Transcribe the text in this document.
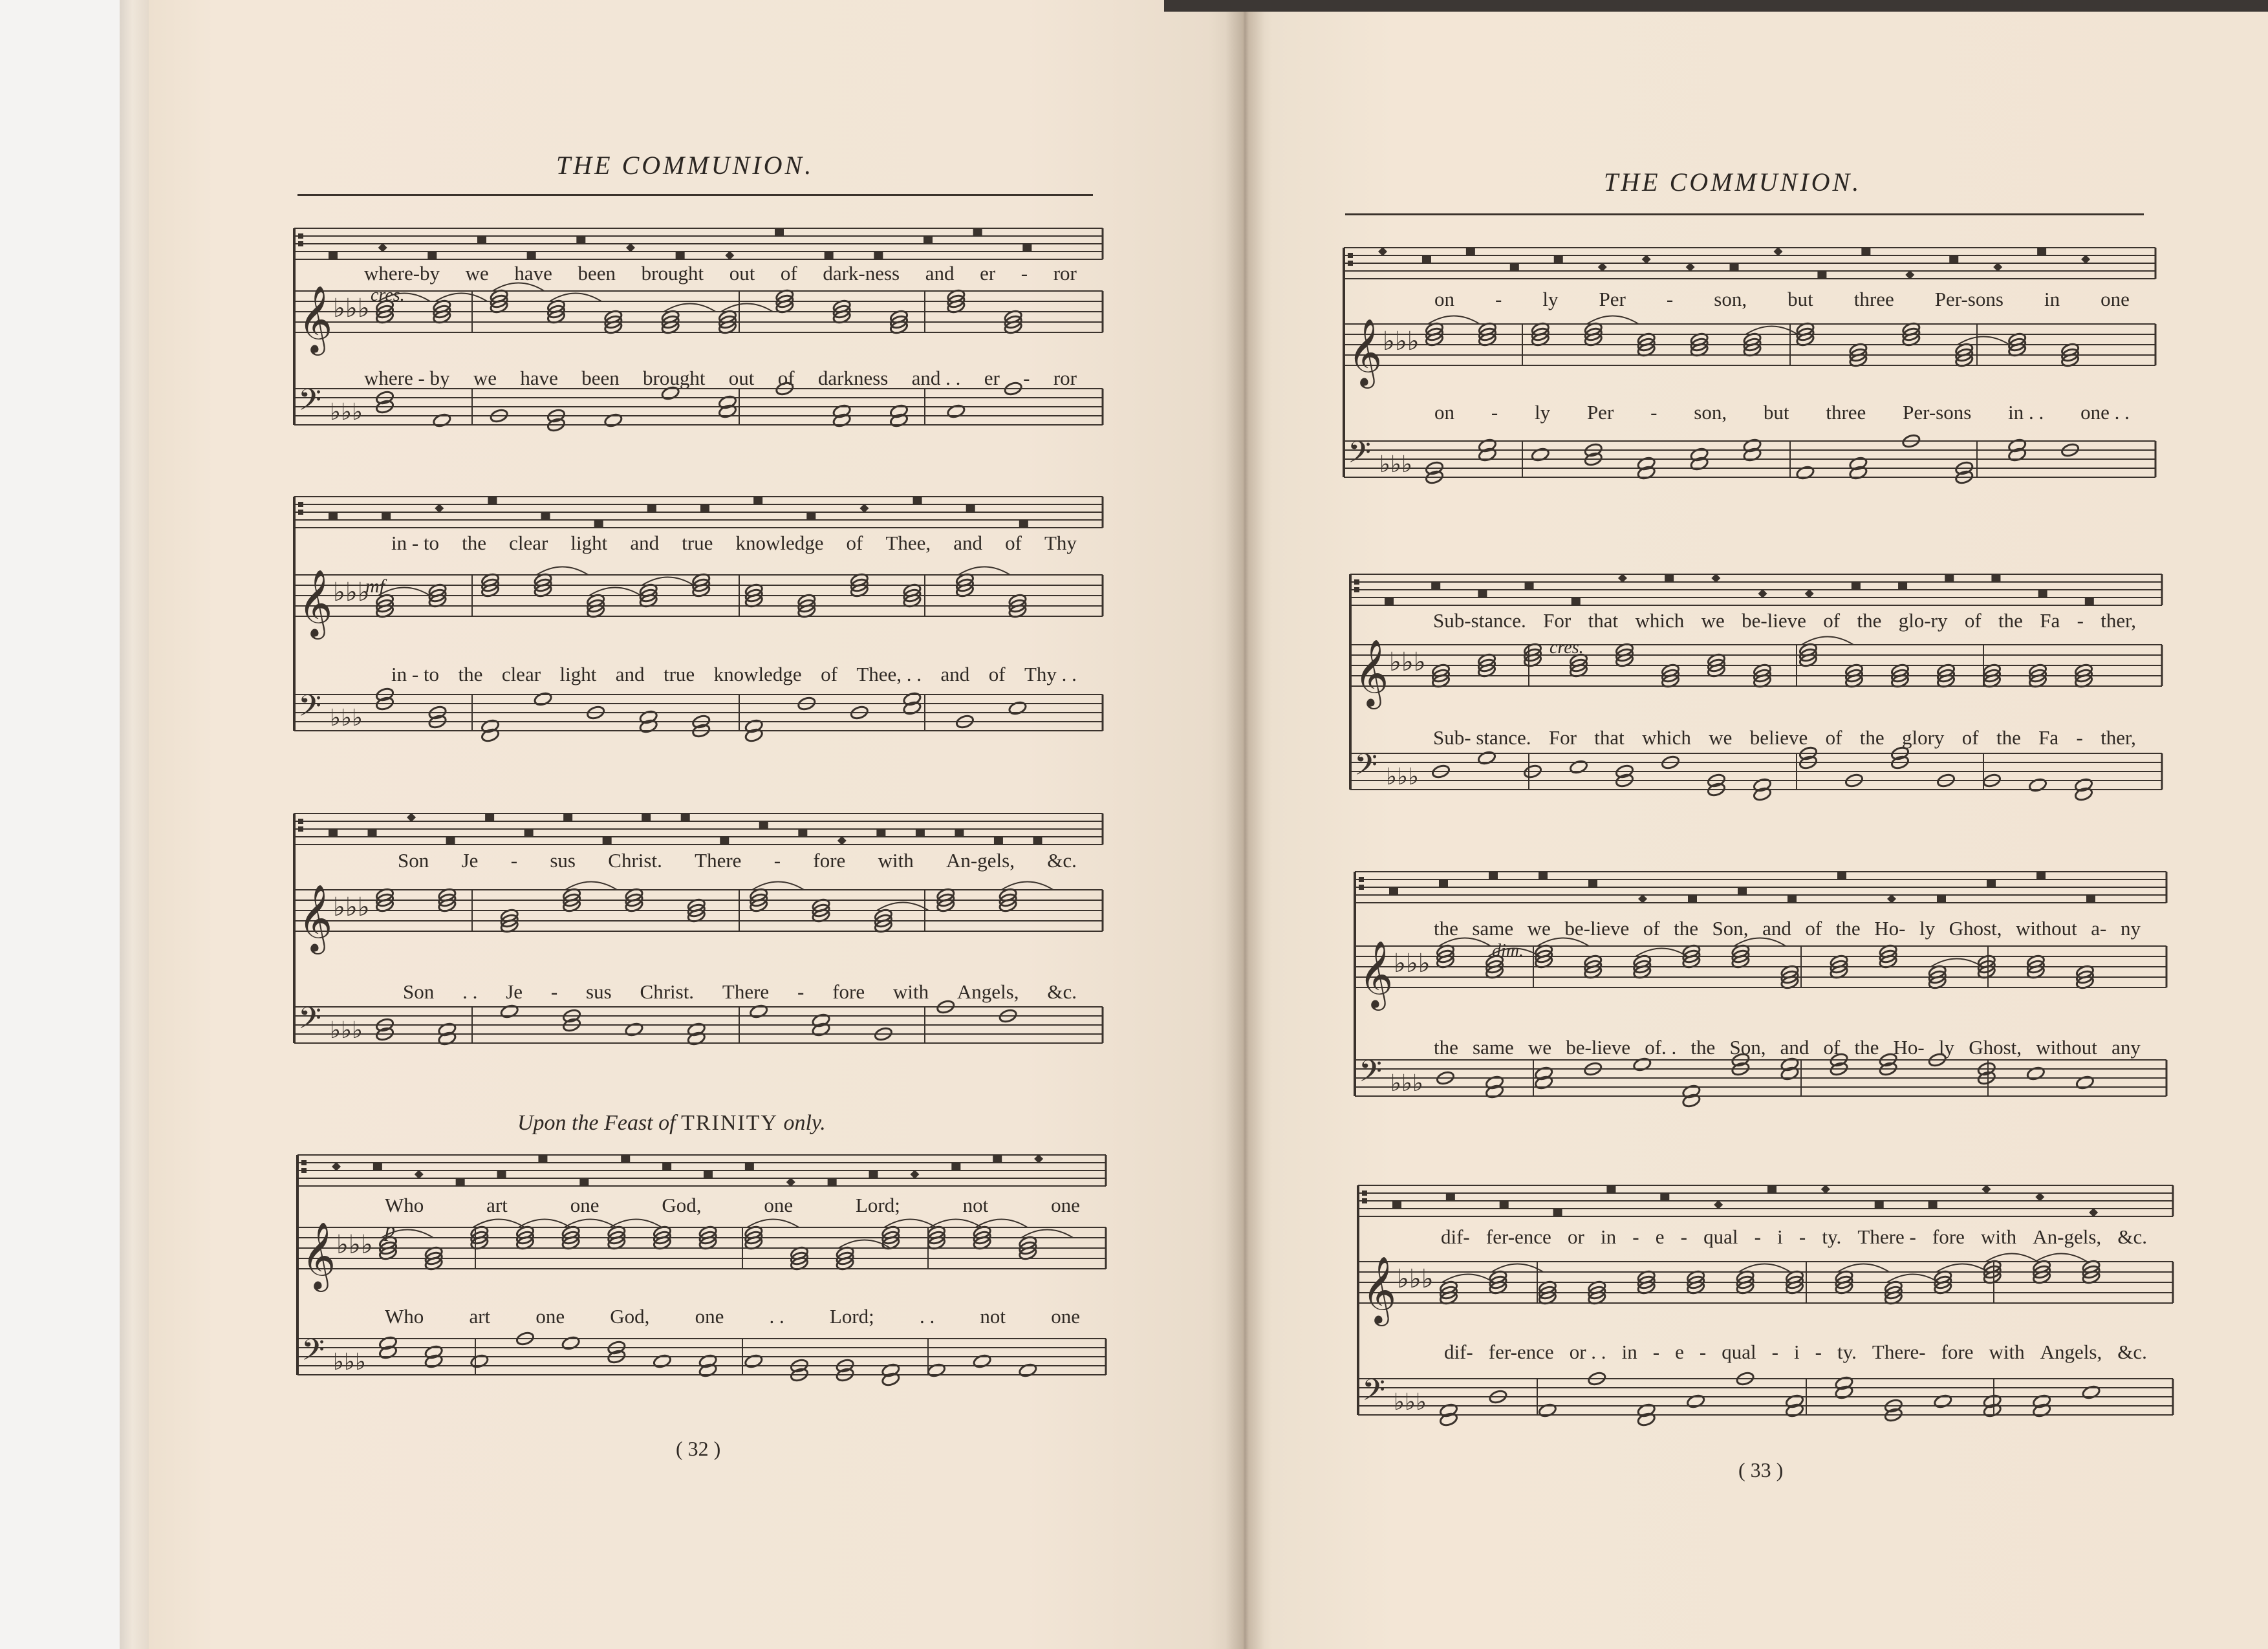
THE COMMUNION.
THE COMMUNION.
where-by we have been brought out of dark-ness and er - ror
cres.
where - by we have been brought out of darkness and . . er - ror
𝄞 ♭♭♭
𝄢 ♭♭♭
in - to the clear light and true knowledge of Thee, and of Thy
mf
in - to the clear light and true knowledge of Thee, . . and of Thy . .
𝄞 ♭♭♭
𝄢 ♭♭♭
Son Je - sus Christ. There - fore with An-gels, &c.
Son . . Je - sus Christ. There - fore with Angels, &c.
𝄞 ♭♭♭
𝄢 ♭♭♭
Upon the Feast of TRINITY only.
Who	art	one	God,	one	Lord;	not	one
p
Who art one God, one . . Lord; . . not one
𝄞 ♭♭♭
𝄢 ♭♭♭
( 32 )
on - ly Per - son, but three Per-sons in one
on - ly Per - son, but three Per-sons in . . one . .
𝄞 ♭♭♭
𝄢 ♭♭♭
Sub-stance. For that which we be-lieve of the glo-ry of the Fa - ther,
cres.
Sub- stance. For that which we believe of the glory of the Fa - ther,
𝄞 ♭♭♭
𝄢 ♭♭♭
the same we be-lieve of the Son, and of the Ho- ly Ghost, without a- ny
dim.
the same we be-lieve of. . the Son, and of the Ho- ly Ghost, without any
𝄞 ♭♭♭
𝄢 ♭♭♭
dif- fer-ence or in - e - qual - i - ty. There - fore with An-gels, &c.
dif- fer-ence or . . in - e - qual - i - ty. There- fore with Angels, &c.
𝄞 ♭♭♭
𝄢 ♭♭♭
( 33 )
